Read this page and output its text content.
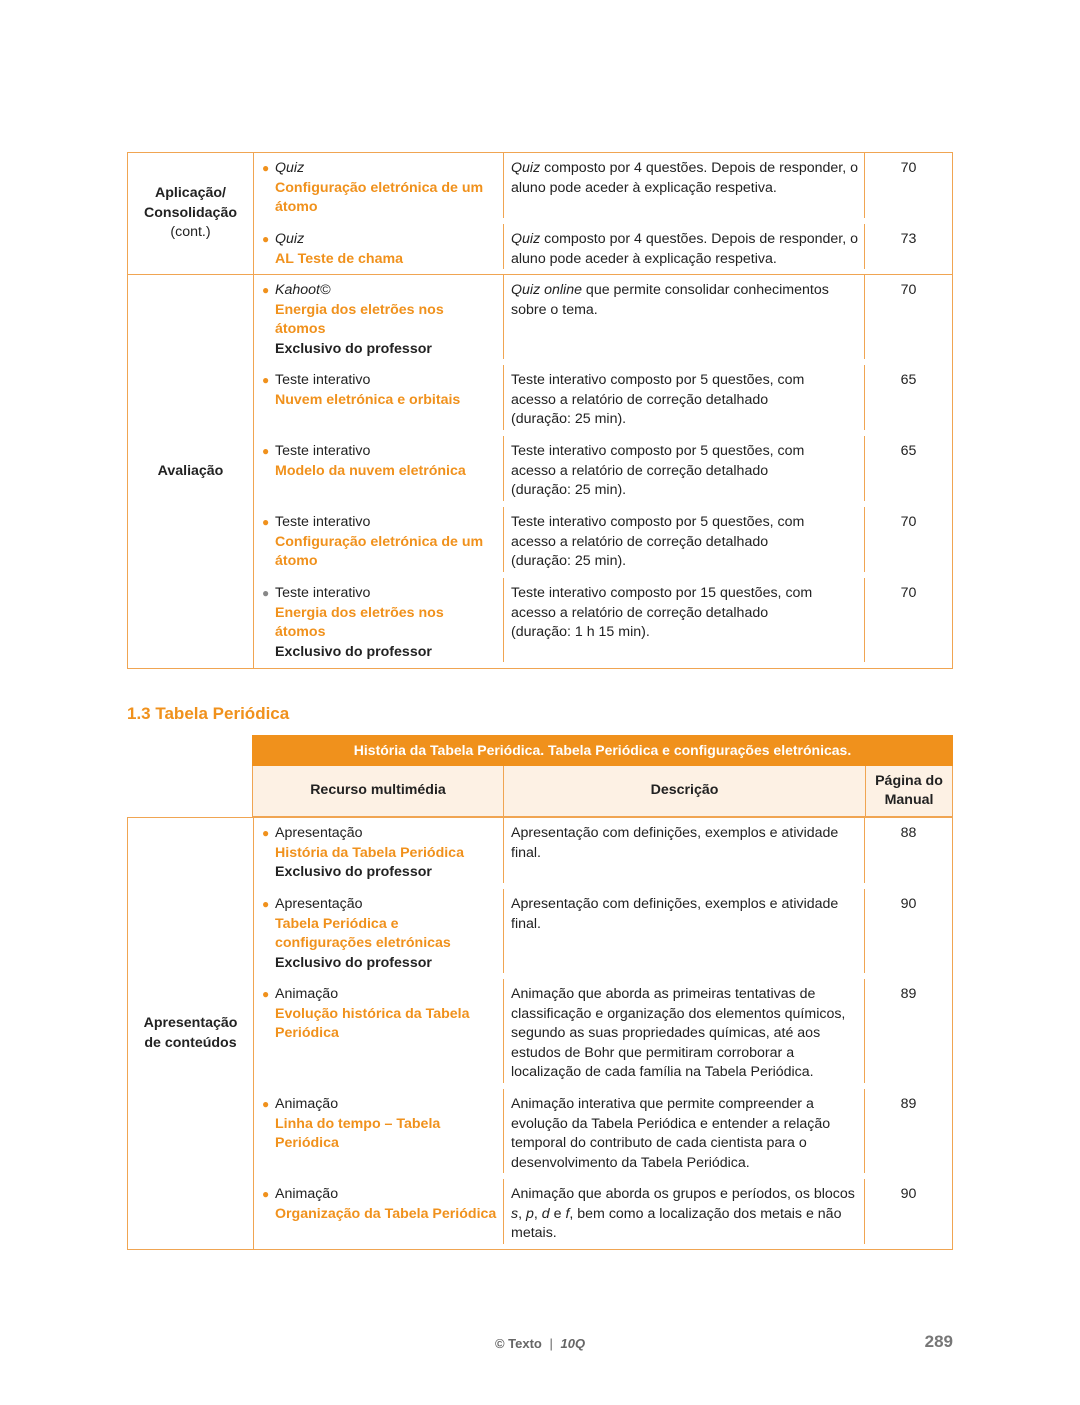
Aplicação/ Consolidação
(cont.)
● Quiz
Configuração eletrónica de um átomo
Quiz composto por 4 questões. Depois de responder, o aluno pode aceder à explicação respetiva.
70
● Quiz
AL Teste de chama
Quiz composto por 4 questões. Depois de responder, o aluno pode aceder à explicação respetiva.
73
Avaliação
● Kahoot©
Energia dos eletrões nos átomos
Exclusivo do professor
Quiz online que permite consolidar conhecimentos sobre o tema.
70
● Teste interativo
Nuvem eletrónica e orbitais
Teste interativo composto por 5 questões, com acesso a relatório de correção detalhado (duração: 25 min).
65
● Teste interativo
Modelo da nuvem eletrónica
Teste interativo composto por 5 questões, com acesso a relatório de correção detalhado (duração: 25 min).
65
● Teste interativo
Configuração eletrónica de um átomo
Teste interativo composto por 5 questões, com acesso a relatório de correção detalhado (duração: 25 min).
70
● Teste interativo
Energia dos eletrões nos átomos
Exclusivo do professor
Teste interativo composto por 15 questões, com acesso a relatório de correção detalhado (duração: 1 h 15 min).
70
1.3 Tabela Periódica
História da Tabela Periódica. Tabela Periódica e configurações eletrónicas.
Recurso multimédia	Descrição
Página do Manual
Apresentação de conteúdos
● Apresentação
História da Tabela Periódica
Exclusivo do professor
Apresentação com definições, exemplos e atividade final.
88
● Apresentação
Tabela Periódica e configurações eletrónicas
Exclusivo do professor
Apresentação com definições, exemplos e atividade final.
90
● Animação
Evolução histórica da Tabela Periódica
Animação que aborda as primeiras tentativas de classificação e organização dos elementos químicos, segundo as suas propriedades químicas, até aos estudos de Bohr que permitiram corroborar a localização de cada família na Tabela Periódica.
89
● Animação
Linha do tempo – Tabela Periódica
Animação interativa que permite compreender a evolução da Tabela Periódica e entender a relação temporal do contributo de cada cientista para o desenvolvimento da Tabela Periódica.
89
● Animação
Organização da Tabela Periódica
Animação que aborda os grupos e períodos, os blocos s, p, d e f, bem como a localização dos metais e não metais.
90
© Texto | 10Q	289
